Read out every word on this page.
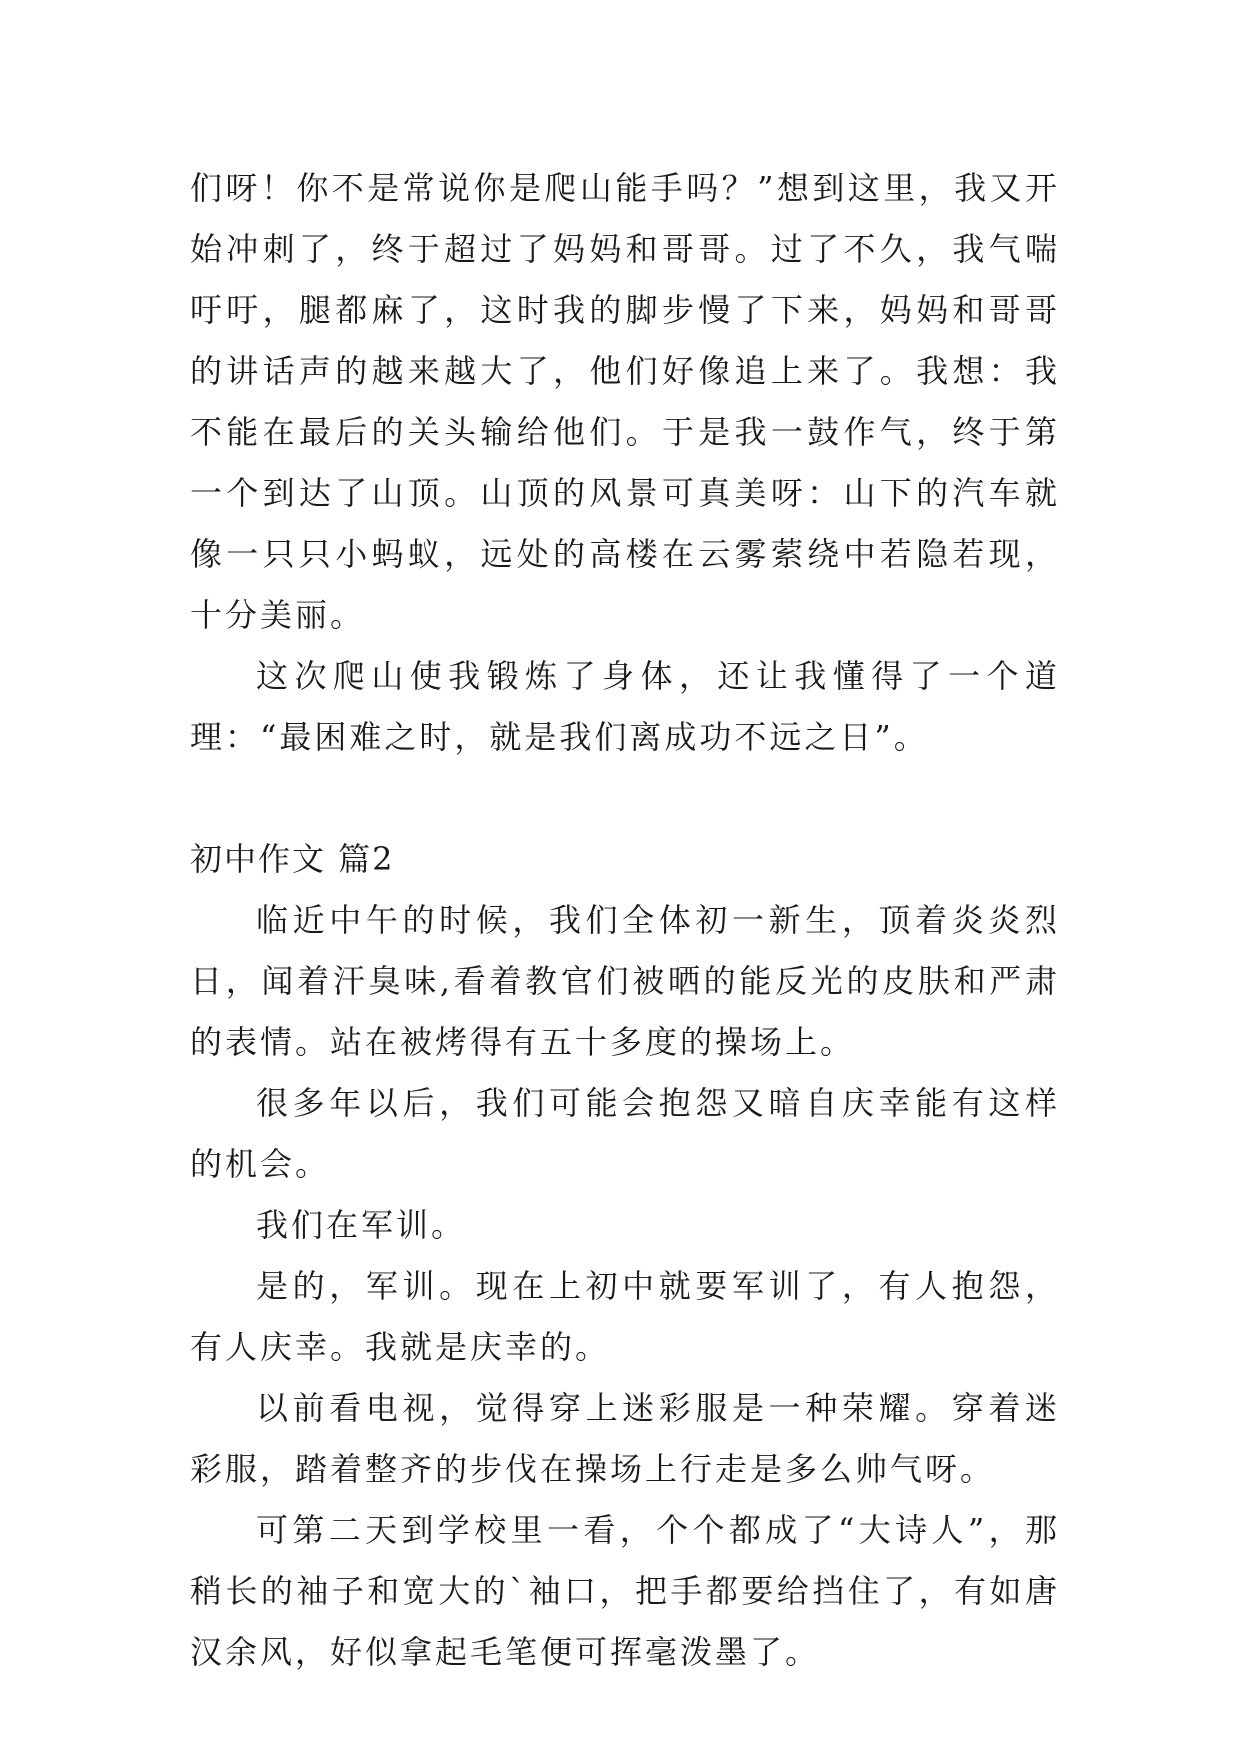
们呀！你不是常说你是爬山能手吗？”想到这里，我又开始冲刺了，终于超过了妈妈和哥哥。过了不久，我气喘吁吁，腿都麻了，这时我的脚步慢了下来，妈妈和哥哥的讲话声的越来越大了，他们好像追上来了。我想：我不能在最后的关头输给他们。于是我一鼓作气，终于第一个到达了山顶。山顶的风景可真美呀：山下的汽车就像一只只小蚂蚁，远处的高楼在云雾萦绕中若隐若现，十分美丽。

这次爬山使我锻炼了身体，还让我懂得了一个道理：“最困难之时，就是我们离成功不远之日”。

初中作文 篇2

临近中午的时候，我们全体初一新生，顶着炎炎烈日，闻着汗臭味,看着教官们被晒的能反光的皮肤和严肃的表情。站在被烤得有五十多度的操场上。

很多年以后，我们可能会抱怨又暗自庆幸能有这样的机会。

我们在军训。

是的，军训。现在上初中就要军训了，有人抱怨，有人庆幸。我就是庆幸的。

以前看电视，觉得穿上迷彩服是一种荣耀。穿着迷彩服，踏着整齐的步伐在操场上行走是多么帅气呀。

可第二天到学校里一看，个个都成了“大诗人”，那稍长的袖子和宽大的`袖口，把手都要给挡住了，有如唐汉余风，好似拿起毛笔便可挥毫泼墨了。
